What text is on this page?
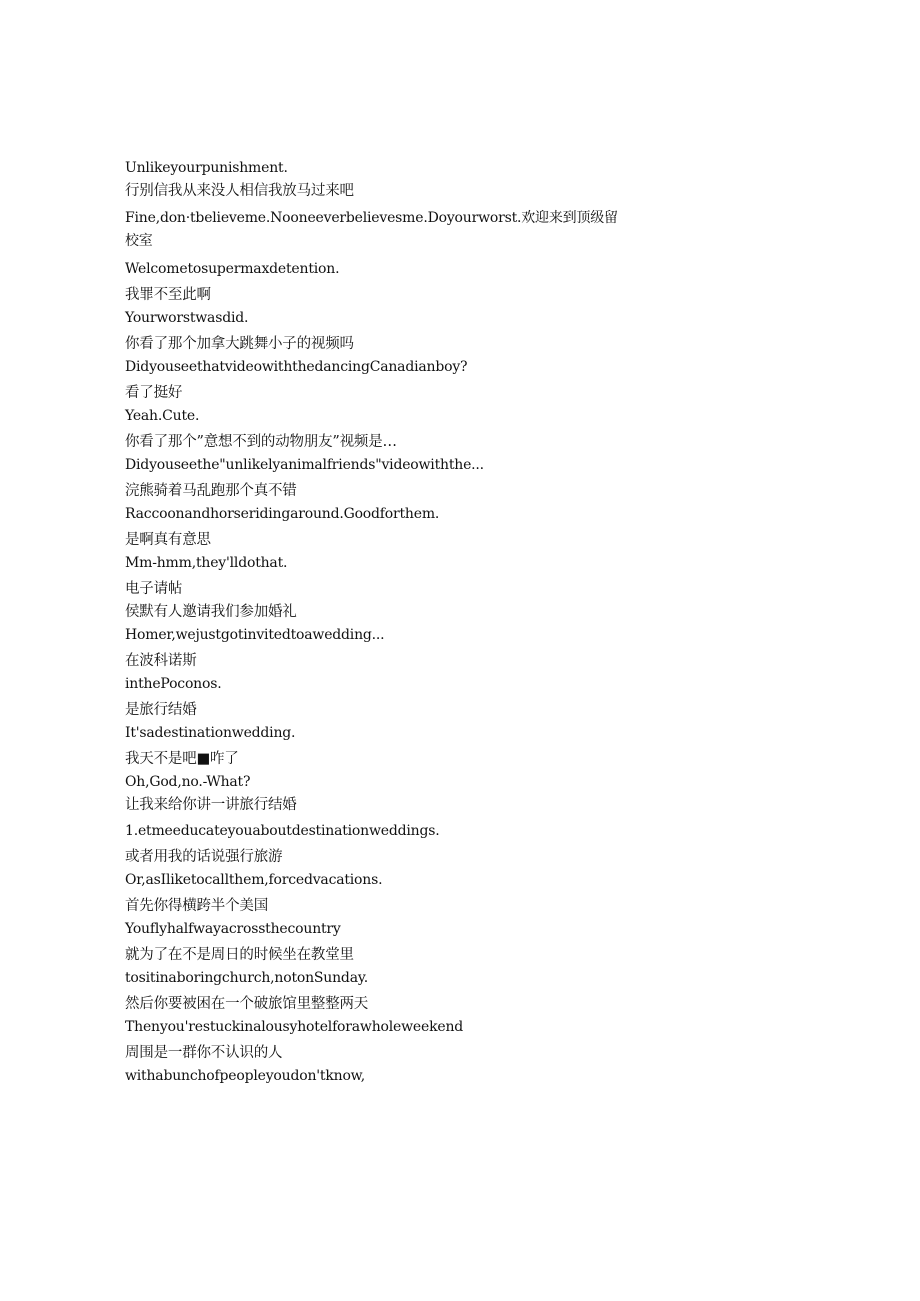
Unlikeyourpunishment.
行别信我从来没人相信我放马过来吧
Fine,don·tbelieveme.Nooneeverbelievesme.Doyourworst.欢迎来到顶级留校室
Welcometosupermaxdetention.
我罪不至此啊
Yourworstwasdid.
你看了那个加拿大跳舞小子的视频吗
DidyouseethatvideowiththedancingCanadianboy?
看了挺好
Yeah.Cute.
你看了那个”意想不到的动物朋友”视频是…
Didyouseethe"unlikelyanimalfriends"videowiththe...
浣熊骑着马乱跑那个真不错
Raccoonandhorseridingaround.Goodforthem.
是啊真有意思
Mm-hmm,they'lldothat.
电子请帖
侯默有人邀请我们参加婚礼
Homer,wejustgotinvitedtoawedding...
在波科诺斯
inthePoconos.
是旅行结婚
It'sadestinationwedding.
我天不是吧■咋了
Oh,God,no.-What?
让我来给你讲一讲旅行结婚
1.etmeeducateyouaboutdestinationweddings.
或者用我的话说强行旅游
Or,asIliketocallthem,forcedvacations.
首先你得横跨半个美国
Youflyhalfwayacrossthecountry
就为了在不是周日的时候坐在教堂里
tositinaboringchurch,notonSunday.
然后你要被困在一个破旅馆里整整两天
Thenyou'restuckinalousyhotelforawholeweekend
周围是一群你不认识的人
withabunchofpeopleyoudon'tknow,
